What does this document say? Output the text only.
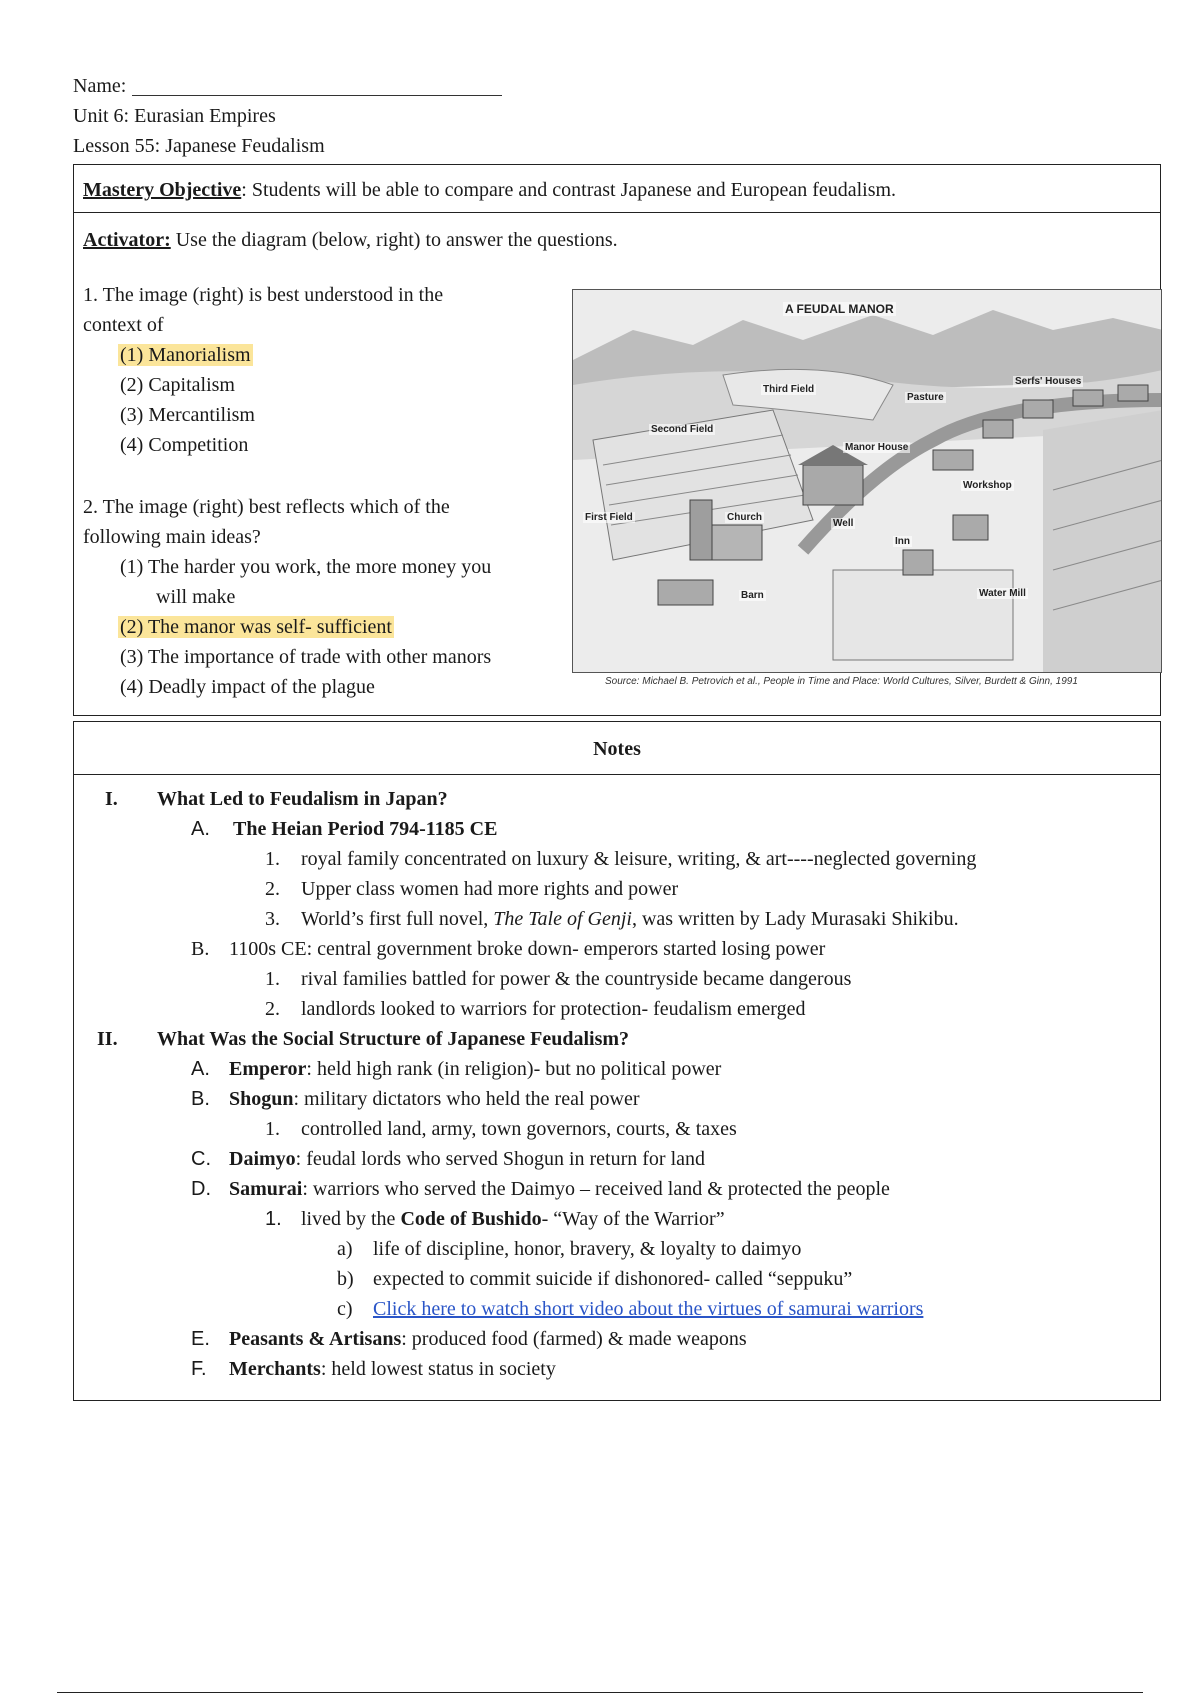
Name:
Unit 6: Eurasian Empires
Lesson 55: Japanese Feudalism
Mastery Objective: Students will be able to compare and contrast Japanese and European feudalism.
Activator: Use the diagram (below, right) to answer the questions.
1. The image (right) is best understood in the
context of
(1) Manorialism
(2) Capitalism
(3) Mercantilism
(4) Competition
2. The image (right) best reflects which of the
following main ideas?
(1) The harder you work, the more money you
will make
(2) The manor was self- sufficient
(3) The importance of trade with other manors
(4) Deadly impact of the plague
A FEUDAL MANOR
Third Field
Pasture
Serfs' Houses
Second Field
Manor House
Workshop
First Field	Church
Well
Inn
Barn	Water Mill
Source: Michael B. Petrovich et al., People in Time and Place: World Cultures, Silver, Burdett & Ginn, 1991
Notes
I. What Led to Feudalism in Japan?
A. The Heian Period 794-1185 CE
1. royal family concentrated on luxury & leisure, writing, & art----neglected governing
2. Upper class women had more rights and power
3. World’s first full novel, The Tale of Genji, was written by Lady Murasaki Shikibu.
B. 1100s CE: central government broke down- emperors started losing power
1. rival families battled for power & the countryside became dangerous
2. landlords looked to warriors for protection- feudalism emerged
II. What Was the Social Structure of Japanese Feudalism?
A. Emperor: held high rank (in religion)- but no political power
B. Shogun: military dictators who held the real power
1. controlled land, army, town governors, courts, & taxes
C. Daimyo: feudal lords who served Shogun in return for land
D. Samurai: warriors who served the Daimyo – received land & protected the people
1. lived by the Code of Bushido- “Way of the Warrior”
a) life of discipline, honor, bravery, & loyalty to daimyo
b) expected to commit suicide if dishonored- called “seppuku”
c) Click here to watch short video about the virtues of samurai warriors
E. Peasants & Artisans: produced food (farmed) & made weapons
F. Merchants: held lowest status in society
